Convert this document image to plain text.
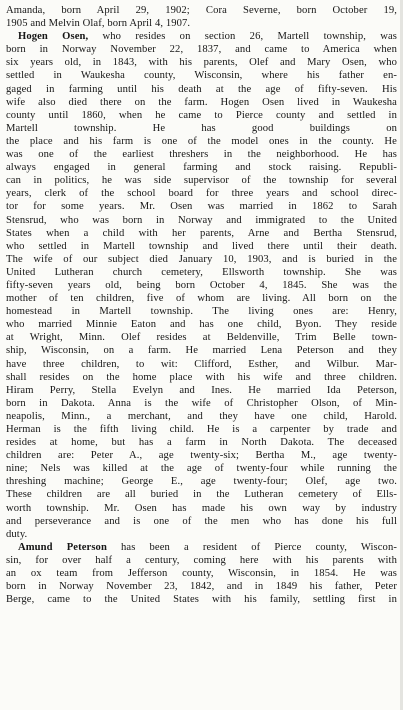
Amanda, born April 29, 1902; Cora Severne, born October 19,
1905 and Melvin Olaf, born April 4, 1907.
Hogen Osen, who resides on section 26, Martell township, was
born in Norway November 22, 1837, and came to America when
six years old, in 1843, with his parents, Olef and Mary Osen, who
settled in Waukesha county, Wisconsin, where his father en-
gaged in farming until his death at the age of fifty-seven. His
wife also died there on the farm. Hogen Osen lived in Waukesha
county until 1860, when he came to Pierce county and settled in
Martell township. He has good buildings on
the place and his farm is one of the model ones in the county. He
was one of the earliest threshers in the neighborhood. He has
always engaged in general farming and stock raising. Republi-
can in politics, he was side supervisor of the township for several
years, clerk of the school board for three years and school direc-
tor for some years. Mr. Osen was married in 1862 to Sarah
Stensrud, who was born in Norway and immigrated to the United
States when a child with her parents, Arne and Bertha Stensrud,
who settled in Martell township and lived there until their death.
The wife of our subject died January 10, 1903, and is buried in the
United Lutheran church cemetery, Ellsworth township. She was
fifty-seven years old, being born October 4, 1845. She was the
mother of ten children, five of whom are living. All born on the
homestead in Martell township. The living ones are: Henry,
who married Minnie Eaton and has one child, Byon. They reside
at Wright, Minn. Olef resides at Beldenville, Trim Belle town-
ship, Wisconsin, on a farm. He married Lena Peterson and they
have three children, to wit: Clifford, Esther, and Wilbur. Mar-
shall resides on the home place with his wife and three children.
Hiram Perry, Stella Evelyn and Ines. He married Ida Peterson,
born in Dakota. Anna is the wife of Christopher Olson, of Min-
neapolis, Minn., a merchant, and they have one child, Harold.
Herman is the fifth living child. He is a carpenter by trade and
resides at home, but has a farm in North Dakota. The deceased
children are: Peter A., age twenty-six; Bertha M., age twenty-
nine; Nels was killed at the age of twenty-four while running the
threshing machine; George E., age twenty-four; Olef, age two.
These children are all buried in the Lutheran cemetery of Ells-
worth township. Mr. Osen has made his own way by industry
and perseverance and is one of the men who has done his full
duty.
Amund Peterson has been a resident of Pierce county, Wiscon-
sin, for over half a century, coming here with his parents with
an ox team from Jefferson county, Wisconsin, in 1854. He was
born in Norway November 23, 1842, and in 1849 his father, Peter
Berge, came to the United States with his family, settling first in
